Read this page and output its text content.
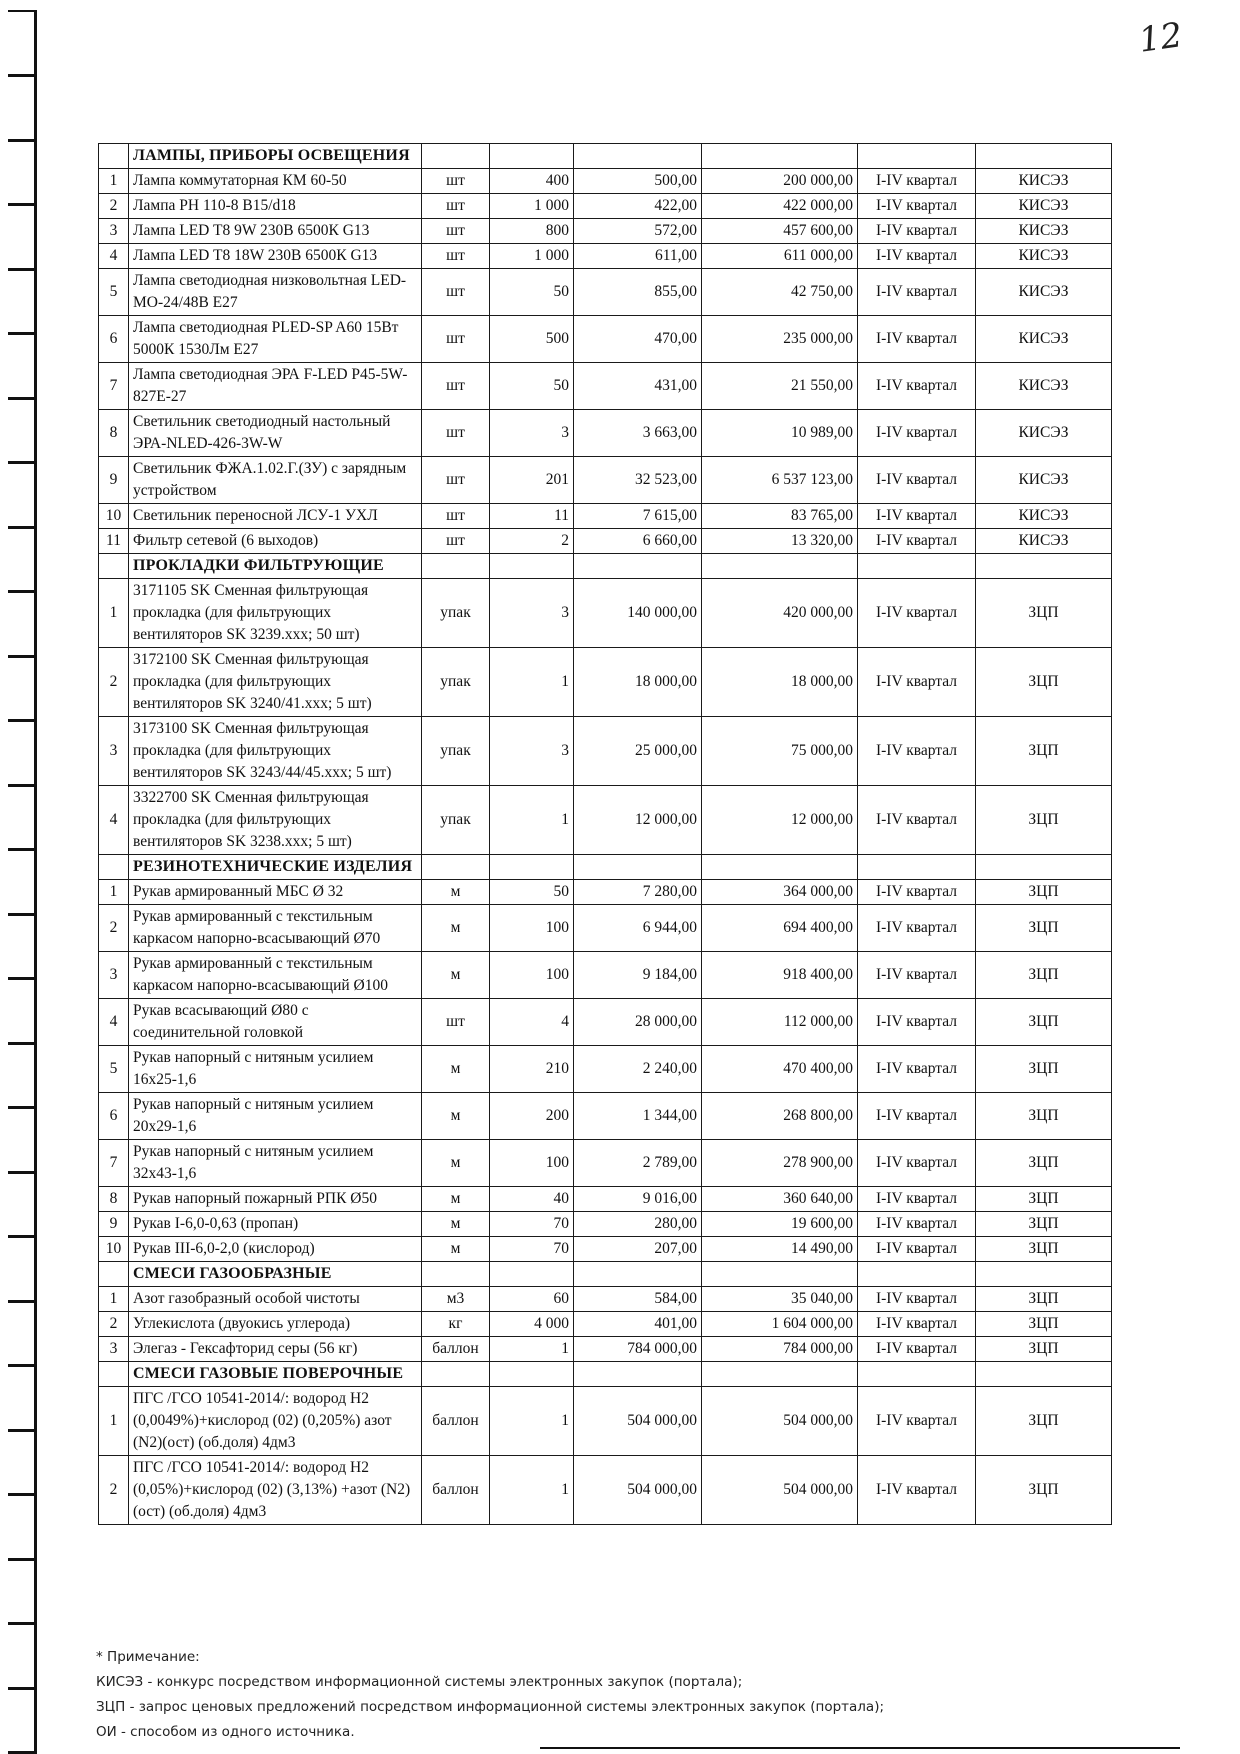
12
	ЛАМПЫ, ПРИБОРЫ ОСВЕЩЕНИЯ						
1	Лампа коммутаторная КМ 60-50	шт	400	500,00	200 000,00	I-IV квартал	КИСЭЗ
2	Лампа РН 110-8 В15/d18	шт	1 000	422,00	422 000,00	I-IV квартал	КИСЭЗ
3	Лампа LED T8 9W 230В 6500К G13	шт	800	572,00	457 600,00	I-IV квартал	КИСЭЗ
4	Лампа LED T8 18W 230В 6500К G13	шт	1 000	611,00	611 000,00	I-IV квартал	КИСЭЗ
5	Лампа светодиодная низковольтная LED-МО-24/48В Е27	шт	50	855,00	42 750,00	I-IV квартал	КИСЭЗ
6	Лампа светодиодная PLED-SP A60 15Вт 5000К 1530Лм Е27	шт	500	470,00	235 000,00	I-IV квартал	КИСЭЗ
7	Лампа светодиодная ЭРА F-LED P45-5W-827E-27	шт	50	431,00	21 550,00	I-IV квартал	КИСЭЗ
8	Светильник светодиодный настольный ЭРА-NLED-426-3W-W	шт	3	3 663,00	10 989,00	I-IV квартал	КИСЭЗ
9	Светильник ФЖА.1.02.Г.(ЗУ) с зарядным устройством	шт	201	32 523,00	6 537 123,00	I-IV квартал	КИСЭЗ
10	Светильник переносной ЛСУ-1 УХЛ	шт	11	7 615,00	83 765,00	I-IV квартал	КИСЭЗ
11	Фильтр сетевой (6 выходов)	шт	2	6 660,00	13 320,00	I-IV квартал	КИСЭЗ
	ПРОКЛАДКИ ФИЛЬТРУЮЩИЕ						
1	3171105 SK Сменная фильтрующая прокладка (для фильтрующих вентиляторов SK 3239.xxx; 50 шт)	упак	3	140 000,00	420 000,00	I-IV квартал	ЗЦП
2	3172100 SK Сменная фильтрующая прокладка (для фильтрующих вентиляторов SK 3240/41.xxx; 5 шт)	упак	1	18 000,00	18 000,00	I-IV квартал	ЗЦП
3	3173100 SK Сменная фильтрующая прокладка (для фильтрующих вентиляторов SK 3243/44/45.xxx; 5 шт)	упак	3	25 000,00	75 000,00	I-IV квартал	ЗЦП
4	3322700 SK Сменная фильтрующая прокладка (для фильтрующих вентиляторов SK 3238.xxx; 5 шт)	упак	1	12 000,00	12 000,00	I-IV квартал	ЗЦП
	РЕЗИНОТЕХНИЧЕСКИЕ ИЗДЕЛИЯ						
1	Рукав армированный МБС Ø 32	м	50	7 280,00	364 000,00	I-IV квартал	ЗЦП
2	Рукав армированный с текстильным каркасом напорно-всасывающий Ø70	м	100	6 944,00	694 400,00	I-IV квартал	ЗЦП
3	Рукав армированный с текстильным каркасом напорно-всасывающий Ø100	м	100	9 184,00	918 400,00	I-IV квартал	ЗЦП
4	Рукав всасывающий Ø80 с соединительной головкой	шт	4	28 000,00	112 000,00	I-IV квартал	ЗЦП
5	Рукав напорный с нитяным усилием 16х25-1,6	м	210	2 240,00	470 400,00	I-IV квартал	ЗЦП
6	Рукав напорный с нитяным усилием 20х29-1,6	м	200	1 344,00	268 800,00	I-IV квартал	ЗЦП
7	Рукав напорный с нитяным усилием 32х43-1,6	м	100	2 789,00	278 900,00	I-IV квартал	ЗЦП
8	Рукав напорный пожарный РПК Ø50	м	40	9 016,00	360 640,00	I-IV квартал	ЗЦП
9	Рукав I-6,0-0,63 (пропан)	м	70	280,00	19 600,00	I-IV квартал	ЗЦП
10	Рукав III-6,0-2,0 (кислород)	м	70	207,00	14 490,00	I-IV квартал	ЗЦП
	СМЕСИ ГАЗООБРАЗНЫЕ						
1	Азот газобразный особой чистоты	м3	60	584,00	35 040,00	I-IV квартал	ЗЦП
2	Углекислота (двуокись углерода)	кг	4 000	401,00	1 604 000,00	I-IV квартал	ЗЦП
3	Элегаз - Гексафторид серы (56 кг)	баллон	1	784 000,00	784 000,00	I-IV квартал	ЗЦП
	СМЕСИ ГАЗОВЫЕ ПОВЕРОЧНЫЕ						
1	ПГС /ГСО 10541-2014/: водород H2 (0,0049%)+кислород (02) (0,205%) азот (N2)(ост) (об.доля) 4дм3	баллон	1	504 000,00	504 000,00	I-IV квартал	ЗЦП
2	ПГС /ГСО 10541-2014/: водород H2 (0,05%)+кислород (02) (3,13%) +азот (N2)(ост) (об.доля) 4дм3	баллон	1	504 000,00	504 000,00	I-IV квартал	ЗЦП
* Примечание:
КИСЭЗ - конкурс посредством информационной системы электронных закупок (портала);
ЗЦП - запрос ценовых предложений посредством информационной системы электронных закупок (портала);
ОИ - способом из одного источника.
